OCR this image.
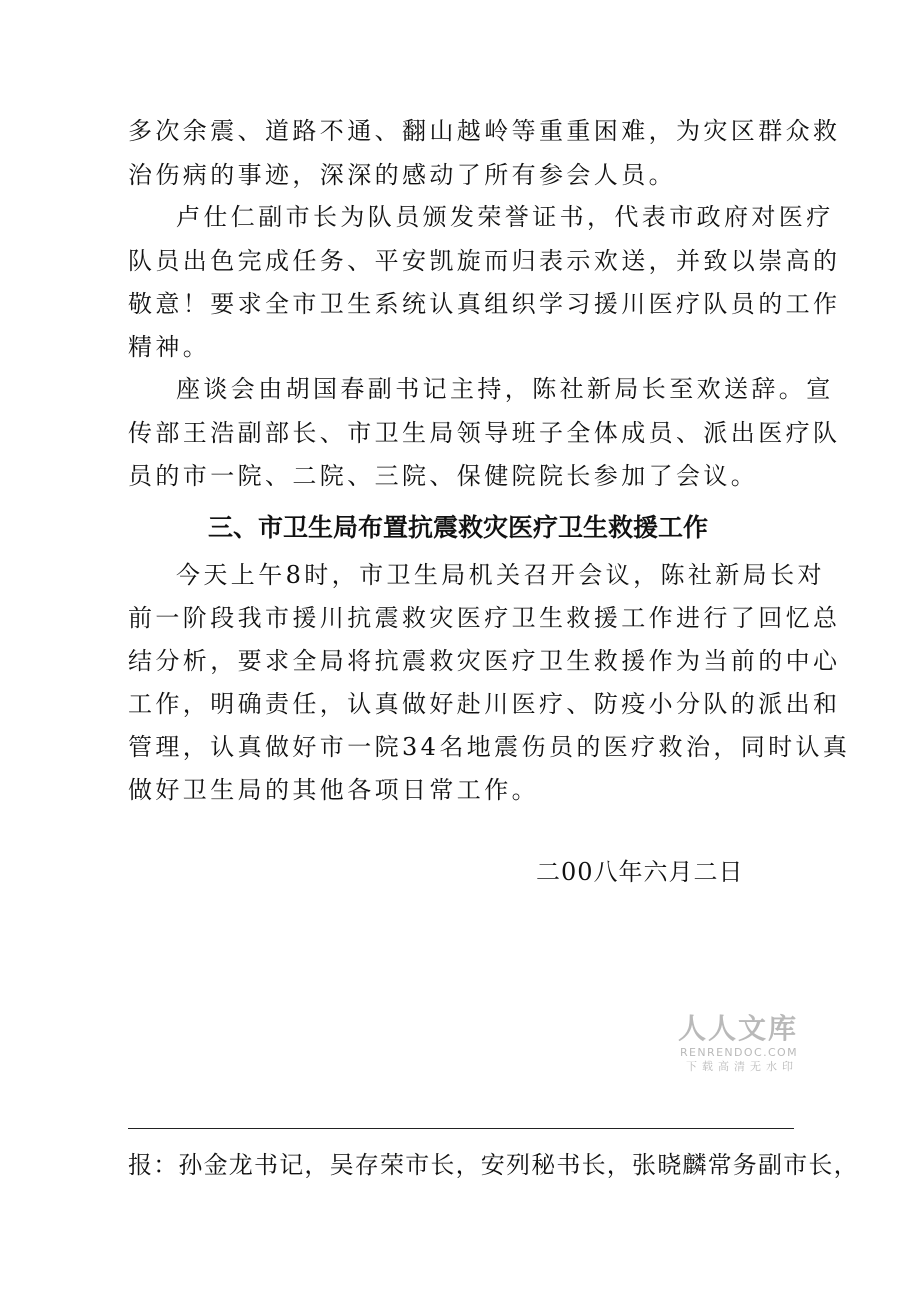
多次余震、道路不通、翻山越岭等重重困难，为灾区群众救
治伤病的事迹，深深的感动了所有参会人员。
卢仕仁副市长为队员颁发荣誉证书，代表市政府对医疗
队员出色完成任务、平安凯旋而归表示欢送，并致以崇高的
敬意！要求全市卫生系统认真组织学习援川医疗队员的工作
精神。
座谈会由胡国春副书记主持，陈社新局长至欢送辞。宣
传部王浩副部长、市卫生局领导班子全体成员、派出医疗队
员的市一院、二院、三院、保健院院长参加了会议。
三、市卫生局布置抗震救灾医疗卫生救援工作
今天上午8时，市卫生局机关召开会议，陈社新局长对
前一阶段我市援川抗震救灾医疗卫生救援工作进行了回忆总
结分析，要求全局将抗震救灾医疗卫生救援作为当前的中心
工作，明确责任，认真做好赴川医疗、防疫小分队的派出和
管理，认真做好市一院34名地震伤员的医疗救治，同时认真
做好卫生局的其他各项日常工作。
二00八年六月二日
人人文库
RENRENDOC.COM
下载高清无水印
报：孙金龙书记，吴存荣市长，安列秘书长，张晓麟常务副市长，
